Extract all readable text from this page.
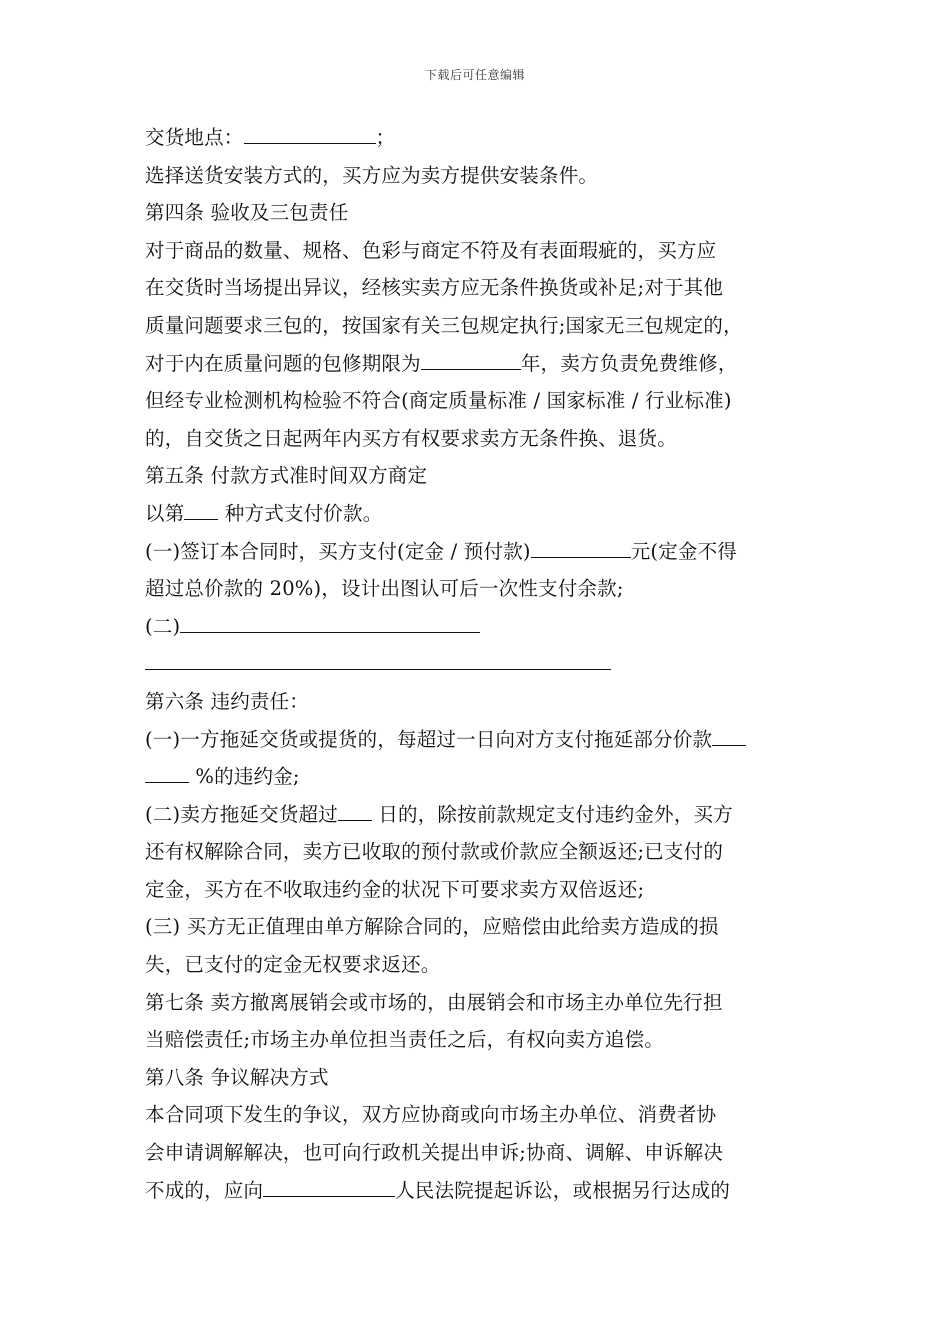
下载后可任意编辑
交货地点：	；
选择送货安装方式的，买方应为卖方提供安装条件。
第四条 验收及三包责任
对于商品的数量、规格、色彩与商定不符及有表面瑕疵的，买方应
在交货时当场提出异议，经核实卖方应无条件换货或补足;对于其他
质量问题要求三包的，按国家有关三包规定执行;国家无三包规定的，
对于内在质量问题的包修期限为	年，卖方负责免费维修，
但经专业检测机构检验不符合(商定质量标准 / 国家标准 / 行业标准)
的，自交货之日起两年内买方有权要求卖方无条件换、退货。
第五条 付款方式准时间双方商定
以第 种方式支付价款。
(一)签订本合同时，买方支付(定金 / 预付款)	元(定金不得
超过总价款的 20%)，设计出图认可后一次性支付余款;
(二)
第六条 违约责任：
(一)一方拖延交货或提货的，每超过一日向对方支付拖延部分价款
%的违约金;
(二)卖方拖延交货超过 日的，除按前款规定支付违约金外，买方
还有权解除合同，卖方已收取的预付款或价款应全额返还;已支付的
定金，买方在不收取违约金的状况下可要求卖方双倍返还;
(三) 买方无正值理由单方解除合同的，应赔偿由此给卖方造成的损
失，已支付的定金无权要求返还。
第七条 卖方撤离展销会或市场的，由展销会和市场主办单位先行担
当赔偿责任;市场主办单位担当责任之后，有权向卖方追偿。
第八条 争议解决方式
本合同项下发生的争议，双方应协商或向市场主办单位、消费者协
会申请调解解决，也可向行政机关提出申诉;协商、调解、申诉解决
不成的，应向	人民法院提起诉讼，或根据另行达成的
